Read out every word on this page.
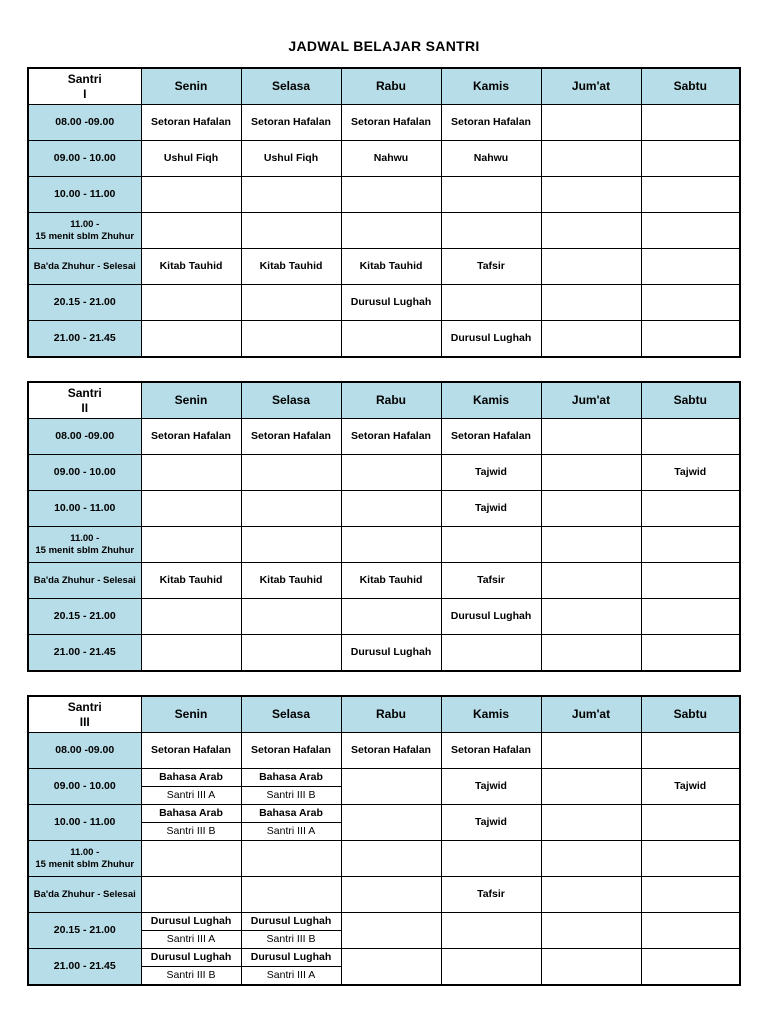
JADWAL BELAJAR SANTRI
Santri
I	Senin	Selasa	Rabu	Kamis	Jum'at	Sabtu
08.00 -09.00	Setoran Hafalan	Setoran Hafalan	Setoran Hafalan	Setoran Hafalan		
09.00 - 10.00	Ushul Fiqh	Ushul Fiqh	Nahwu	Nahwu		
10.00 - 11.00						
11.00 -
15 menit sblm Zhuhur						
Ba'da Zhuhur - Selesai	Kitab Tauhid	Kitab Tauhid	Kitab Tauhid	Tafsir		
20.15 - 21.00			Durusul Lughah			
21.00 - 21.45				Durusul Lughah		
Santri
II	Senin	Selasa	Rabu	Kamis	Jum'at	Sabtu
08.00 -09.00	Setoran Hafalan	Setoran Hafalan	Setoran Hafalan	Setoran Hafalan		
09.00 - 10.00				Tajwid		Tajwid
10.00 - 11.00				Tajwid		
11.00 -
15 menit sblm Zhuhur						
Ba'da Zhuhur - Selesai	Kitab Tauhid	Kitab Tauhid	Kitab Tauhid	Tafsir		
20.15 - 21.00				Durusul Lughah		
21.00 - 21.45			Durusul Lughah			
Santri
III	Senin	Selasa	Rabu	Kamis	Jum'at	Sabtu
08.00 -09.00	Setoran Hafalan	Setoran Hafalan	Setoran Hafalan	Setoran Hafalan		
09.00 - 10.00	Bahasa Arab	Bahasa Arab		Tajwid		Tajwid
	Santri III A	Santri III B				
10.00 - 11.00	Bahasa Arab	Bahasa Arab		Tajwid		
	Santri III B	Santri III A				
11.00 -
15 menit sblm Zhuhur						
Ba'da Zhuhur - Selesai				Tafsir		
20.15 - 21.00	Durusul Lughah	Durusul Lughah				
	Santri III A	Santri III B				
21.00 - 21.45	Durusul Lughah	Durusul Lughah				
	Santri III B	Santri III A				
